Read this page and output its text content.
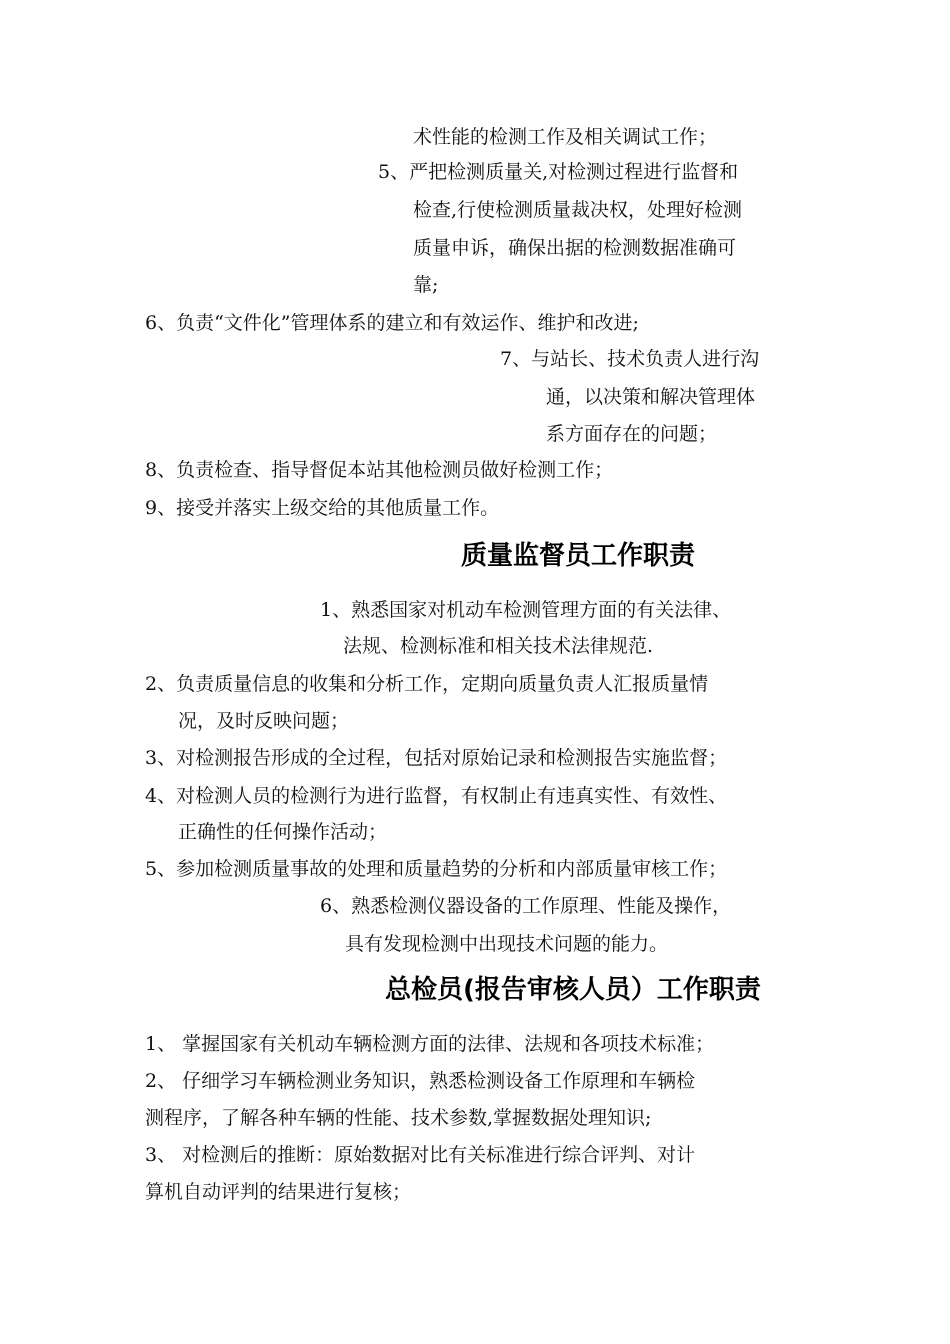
术性能的检测工作及相关调试工作；
5、严把检测质量关,对检测过程进行监督和
检查,行使检测质量裁决权，处理好检测
质量申诉，确保出据的检测数据准确可
靠;
6、负责“文件化”管理体系的建立和有效运作、维护和改进;
7、与站长、技术负责人进行沟
通，以决策和解决管理体
系方面存在的问题；
8、负责检查、指导督促本站其他检测员做好检测工作；
9、接受并落实上级交给的其他质量工作。
质量监督员工作职责
1、熟悉国家对机动车检测管理方面的有关法律、
法规、检测标准和相关技术法律规范.
2、负责质量信息的收集和分析工作，定期向质量负责人汇报质量情
况，及时反映问题；
3、对检测报告形成的全过程，包括对原始记录和检测报告实施监督；
4、对检测人员的检测行为进行监督，有权制止有违真实性、有效性、
正确性的任何操作活动；
5、参加检测质量事故的处理和质量趋势的分析和内部质量审核工作；
6、熟悉检测仪器设备的工作原理、性能及操作，
具有发现检测中出现技术问题的能力。
总检员(报告审核人员）工作职责
1、 掌握国家有关机动车辆检测方面的法律、法规和各项技术标准；
2、 仔细学习车辆检测业务知识，熟悉检测设备工作原理和车辆检
测程序，了解各种车辆的性能、技术参数,掌握数据处理知识;
3、 对检测后的推断：原始数据对比有关标准进行综合评判、对计
算机自动评判的结果进行复核；
